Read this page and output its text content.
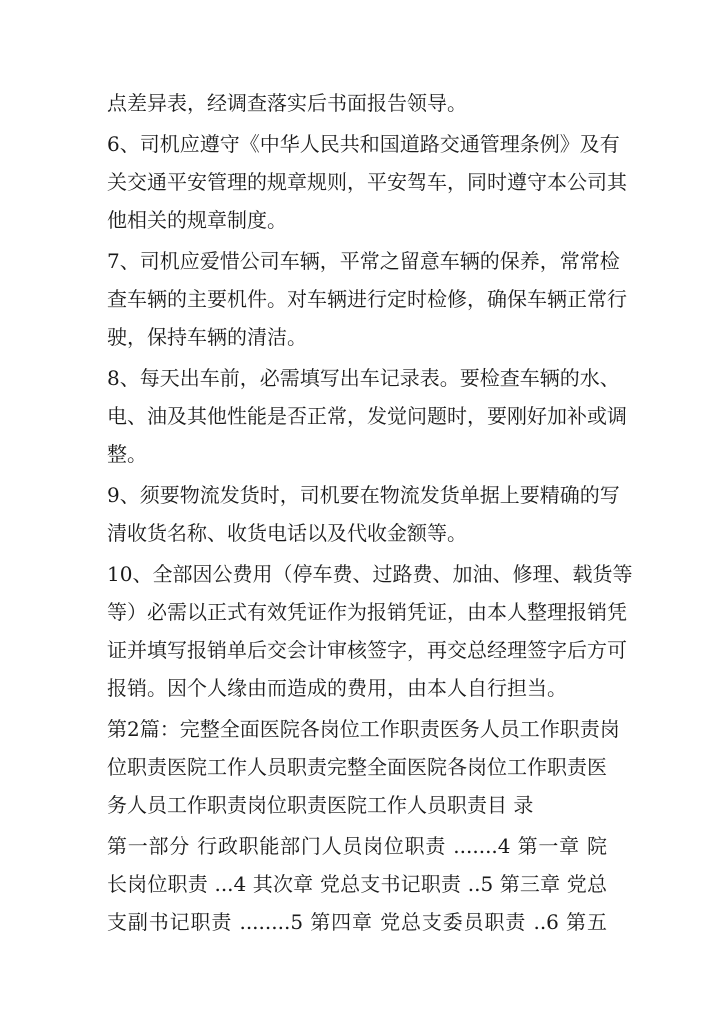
点差异表，经调查落实后书面报告领导。
6、司机应遵守《中华人民共和国道路交通管理条例》及有
关交通平安管理的规章规则，平安驾车，同时遵守本公司其
他相关的规章制度。
7、司机应爱惜公司车辆，平常之留意车辆的保养，常常检
查车辆的主要机件。对车辆进行定时检修，确保车辆正常行
驶，保持车辆的清洁。
8、每天出车前，必需填写出车记录表。要检查车辆的水、
电、油及其他性能是否正常，发觉问题时，要刚好加补或调
整。
9、须要物流发货时，司机要在物流发货单据上要精确的写
清收货名称、收货电话以及代收金额等。
10、全部因公费用（停车费、过路费、加油、修理、载货等
等）必需以正式有效凭证作为报销凭证，由本人整理报销凭
证并填写报销单后交会计审核签字，再交总经理签字后方可
报销。因个人缘由而造成的费用，由本人自行担当。
第2篇：完整全面医院各岗位工作职责医务人员工作职责岗
位职责医院工作人员职责完整全面医院各岗位工作职责医
务人员工作职责岗位职责医院工作人员职责目 录
第一部分 行政职能部门人员岗位职责 .......4 第一章 院
长岗位职责 ...4 其次章 党总支书记职责 ..5 第三章 党总
支副书记职责 ........5 第四章 党总支委员职责 ..6 第五
